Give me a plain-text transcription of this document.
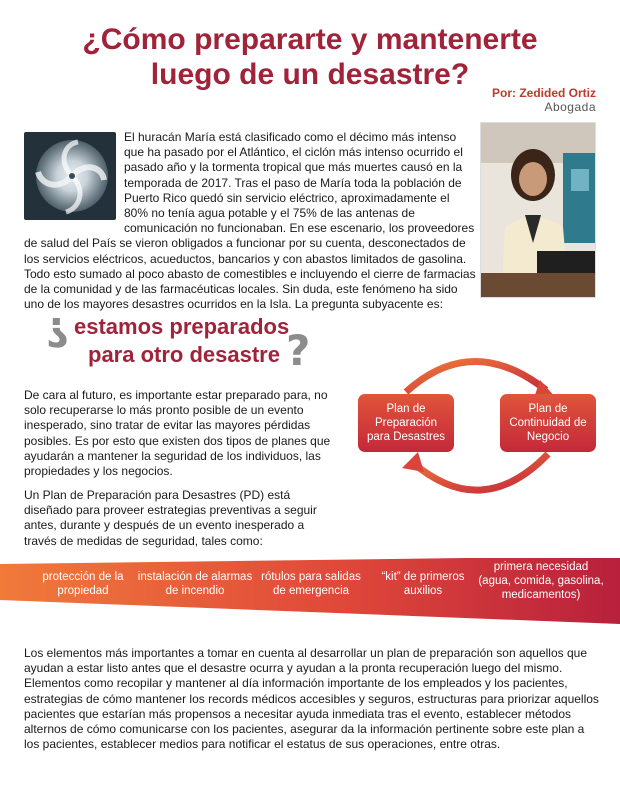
¿Cómo prepararte y mantenerte
luego de un desastre?
Por: Zedided Ortiz
Abogada
El huracán María está clasificado como el décimo más intenso que ha pasado por el Atlántico, el ciclón más intenso ocurrido el pasado año y la tormenta tropical que más muertes causó en la temporada de 2017. Tras el paso de María toda la población de Puerto Rico quedó sin servicio eléctrico, aproximadamente el 80% no tenía agua potable y el 75% de las antenas de comunicación no funcionaban. En ese escenario, los proveedores de salud del País se vieron obligados a funcionar por su cuenta, desconectados de los servicios eléctricos, acueductos, bancarios y con abastos limitados de gasolina. Todo esto sumado al poco abasto de comestibles e incluyendo el cierre de farmacias de la comunidad y de las farmacéuticas locales. Sin duda, este fenómeno ha sido uno de los mayores desastres ocurridos en la Isla. La pregunta subyacente es:
? estamos preparados
para otro desastre ?
De cara al futuro, es importante estar preparado para, no solo recuperarse lo más pronto posible de un evento inesperado, sino tratar de evitar las mayores pérdidas posibles. Es por esto que existen dos tipos de planes que ayudarán a mantener la seguridad de los individuos, las propiedades y los negocios.
Un Plan de Preparación para Desastres (PD) está diseñado para proveer estrategias preventivas a seguir antes, durante y después de un evento inesperado a través de medidas de seguridad, tales como:
Plan de Preparación para Desastres
Plan de Continuidad de Negocio
protección de la propiedad
instalación de alarmas de incendio
rótulos para salidas de emergencia
“kit” de primeros auxilios
colección artículos de primera necesidad (agua, comida, gasolina, medicamentos)
Los elementos más importantes a tomar en cuenta al desarrollar un plan de preparación son aquellos que ayudan a estar listo antes que el desastre ocurra y ayudan a la pronta recuperación luego del mismo. Elementos como recopilar y mantener al día información importante de los empleados y los pacientes, estrategias de cómo mantener los records médicos accesibles y seguros, estructuras para priorizar aquellos pacientes que estarían más propensos a necesitar ayuda inmediata tras el evento, establecer métodos alternos de cómo comunicarse con los pacientes, asegurar da la información pertinente sobre este plan a los pacientes, establecer medios para notificar el estatus de sus operaciones, entre otras.
